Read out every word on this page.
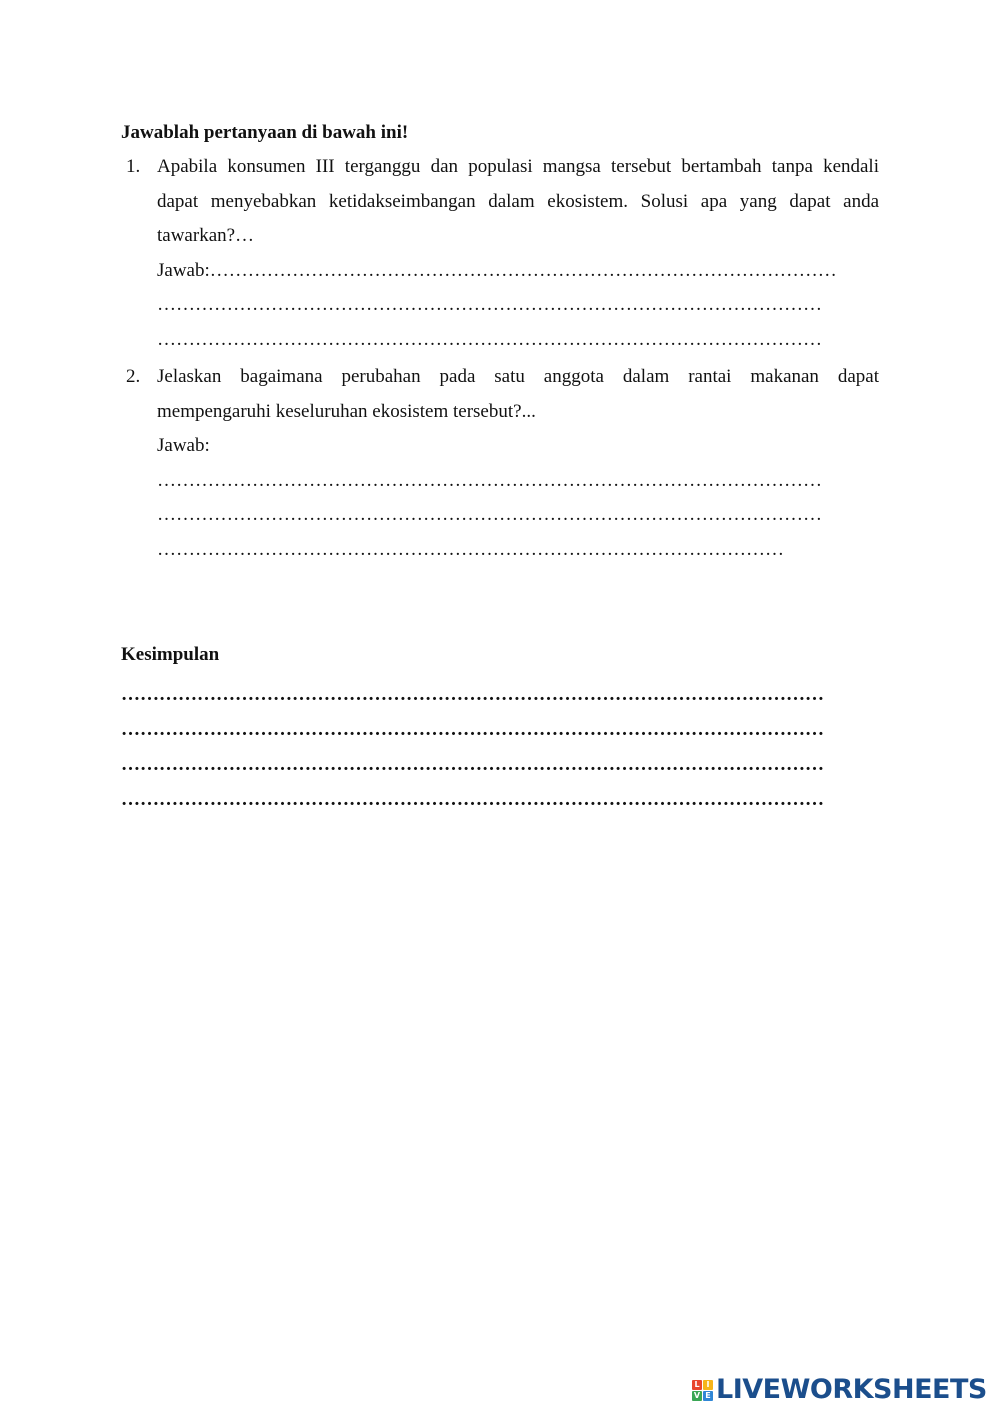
Jawablah pertanyaan di bawah ini!
1. Apabila konsumen III terganggu dan populasi mangsa tersebut bertambah tanpa kendali
dapat menyebabkan ketidakseimbangan dalam ekosistem. Solusi apa yang dapat anda
tawarkan?…
Jawab:………………………………………………………………………………………
……………………………………………………………………………………………
……………………………………………………………………………………………
2. Jelaskan bagaimana perubahan pada satu anggota dalam rantai makanan dapat
mempengaruhi keseluruhan ekosistem tersebut?...
Jawab:
……………………………………………………………………………………………
……………………………………………………………………………………………
………………………………………………………………………………………
Kesimpulan
…………………………………………………………………………………………………
…………………………………………………………………………………………………
…………………………………………………………………………………………………
…………………………………………………………………………………………………
L I
V E LIVEWORKSHEETS
